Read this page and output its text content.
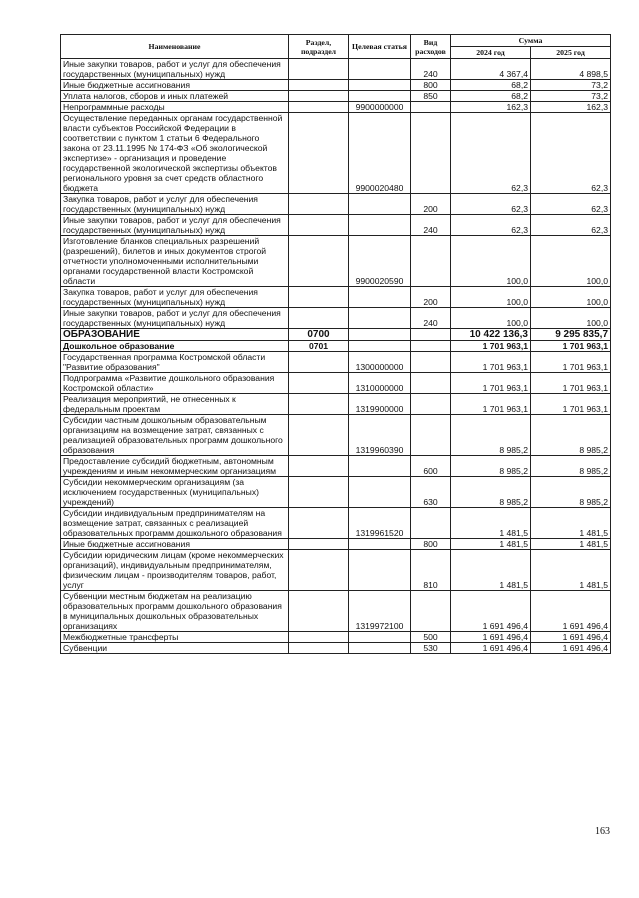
Наименование	Раздел, подраздел	Целевая статья	Вид расходов	Сумма	
				2024 год	2025 год
Иные закупки товаров, работ и услуг для обеспечения государственных (муниципальных) нужд			240	4 367,4	4 898,5
Иные бюджетные ассигнования			800	68,2	73,2
Уплата налогов, сборов и иных платежей			850	68,2	73,2
Непрограммные расходы		9900000000		162,3	162,3
Осуществление переданных органам государственной власти субъектов Российской Федерации в соответствии с пунктом 1 статьи 6 Федерального закона от 23.11.1995 № 174-ФЗ «Об экологической экспертизе» - организация и проведение государственной экологической экспертизы объектов регионального уровня за счет средств областного бюджета		9900020480		62,3	62,3
Закупка товаров, работ и услуг для обеспечения государственных (муниципальных) нужд			200	62,3	62,3
Иные закупки товаров, работ и услуг для обеспечения государственных (муниципальных) нужд			240	62,3	62,3
Изготовление бланков специальных разрешений (разрешений), билетов и иных документов строгой отчетности уполномоченными исполнительными органами государственной власти Костромской области		9900020590		100,0	100,0
Закупка товаров, работ и услуг для обеспечения государственных (муниципальных) нужд			200	100,0	100,0
Иные закупки товаров, работ и услуг для обеспечения государственных (муниципальных) нужд			240	100,0	100,0
ОБРАЗОВАНИЕ	0700			10 422 136,3	9 295 835,7
Дошкольное образование	0701			1 701 963,1	1 701 963,1
Государственная программа Костромской области "Развитие образования"		1300000000		1 701 963,1	1 701 963,1
Подпрограмма «Развитие дошкольного образования Костромской области»		1310000000		1 701 963,1	1 701 963,1
Реализация мероприятий, не отнесенных к федеральным проектам		1319900000		1 701 963,1	1 701 963,1
Субсидии частным дошкольным образовательным организациям на возмещение затрат, связанных с реализацией образовательных программ дошкольного образования		1319960390		8 985,2	8 985,2
Предоставление субсидий бюджетным, автономным учреждениям и иным некоммерческим организациям			600	8 985,2	8 985,2
Субсидии некоммерческим организациям (за исключением государственных (муниципальных) учреждений)			630	8 985,2	8 985,2
Субсидии индивидуальным предпринимателям на возмещение затрат, связанных с реализацией образовательных программ дошкольного образования		1319961520		1 481,5	1 481,5
Иные бюджетные ассигнования			800	1 481,5	1 481,5
Субсидии юридическим лицам (кроме некоммерческих организаций), индивидуальным предпринимателям, физическим лицам - производителям товаров, работ, услуг			810	1 481,5	1 481,5
Субвенции местным бюджетам на реализацию образовательных программ дошкольного образования в муниципальных дошкольных образовательных организациях		1319972100		1 691 496,4	1 691 496,4
Межбюджетные трансферты			500	1 691 496,4	1 691 496,4
Субвенции			530	1 691 496,4	1 691 496,4
163
